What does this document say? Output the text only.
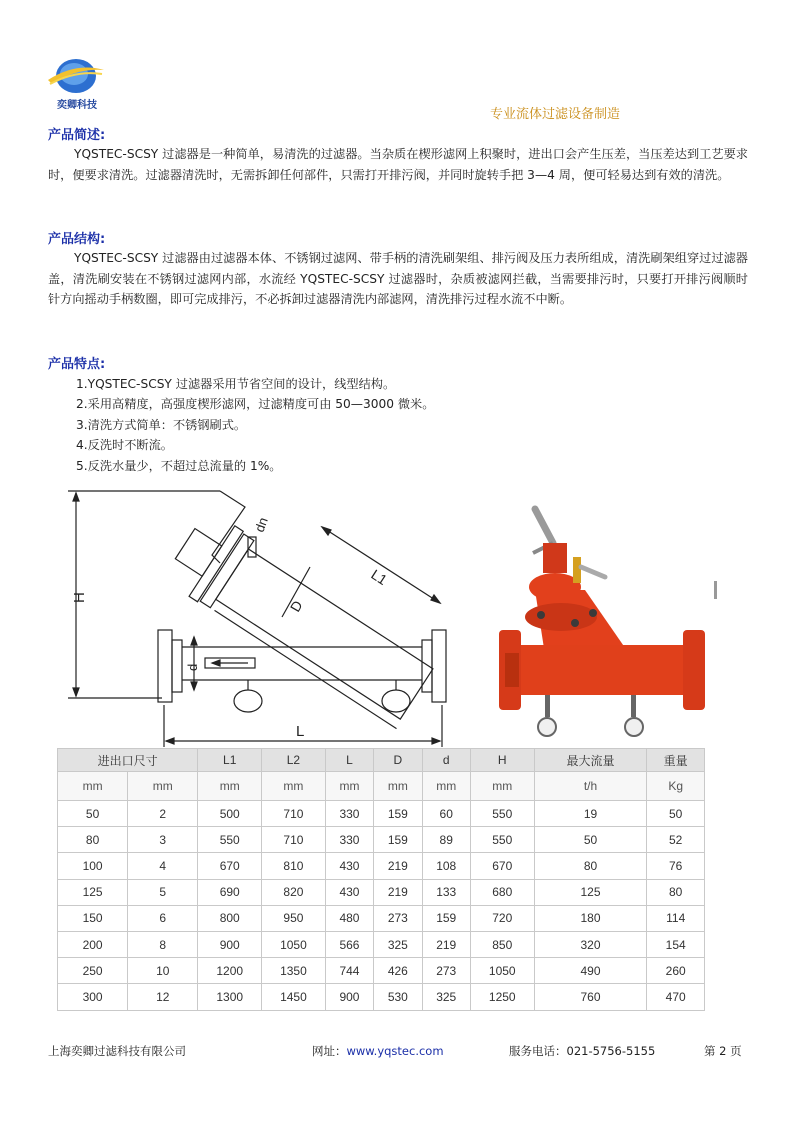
奕卿科技
专业流体过滤设备制造
产品简述:
YQSTEC-SCSY 过滤器是一种简单，易清洗的过滤器。当杂质在楔形滤网上积聚时，进出口会产生压差，当压差达到工艺要求时，便要求清洗。过滤器清洗时，无需拆卸任何部件，只需打开排污阀，并同时旋转手把 3—4 周，便可轻易达到有效的清洗。
产品结构:
YQSTEC-SCSY 过滤器由过滤器本体、不锈钢过滤网、带手柄的清洗刷架组、排污阀及压力表所组成，清洗刷架组穿过过滤器盖，清洗刷安装在不锈钢过滤网内部，水流经 YQSTEC-SCSY 过滤器时，杂质被滤网拦截，当需要排污时，只要打开排污阀顺时针方向摇动手柄数圈，即可完成排污，不必拆卸过滤器清洗内部滤网，清洗排污过程水流不中断。
产品特点:
1.YQSTEC-SCSY 过滤器采用节省空间的设计，线型结构。
2.采用高精度，高强度楔形滤网，过滤精度可由 50—3000 微米。
3.清洗方式简单：不锈钢刷式。
4.反洗时不断流。
5.反洗水量少，不超过总流量的 1%。
H
dn
D
L1
d
L
进出口尺寸		L1	L2	L	D	d	H	最大流量	重量
mm	mm	mm	mm	mm	mm	mm	mm	t/h	Kg
50	2	500	710	330	159	60	550	19	50
80	3	550	710	330	159	89	550	50	52
100	4	670	810	430	219	108	670	80	76
125	5	690	820	430	219	133	680	125	80
150	6	800	950	480	273	159	720	180	114
200	8	900	1050	566	325	219	850	320	154
250	10	1200	1350	744	426	273	1050	490	260
300	12	1300	1450	900	530	325	1250	760	470
上海奕卿过滤科技有限公司	网址：www.yqstec.com	服务电话：021-5756-5155	第 2 页
